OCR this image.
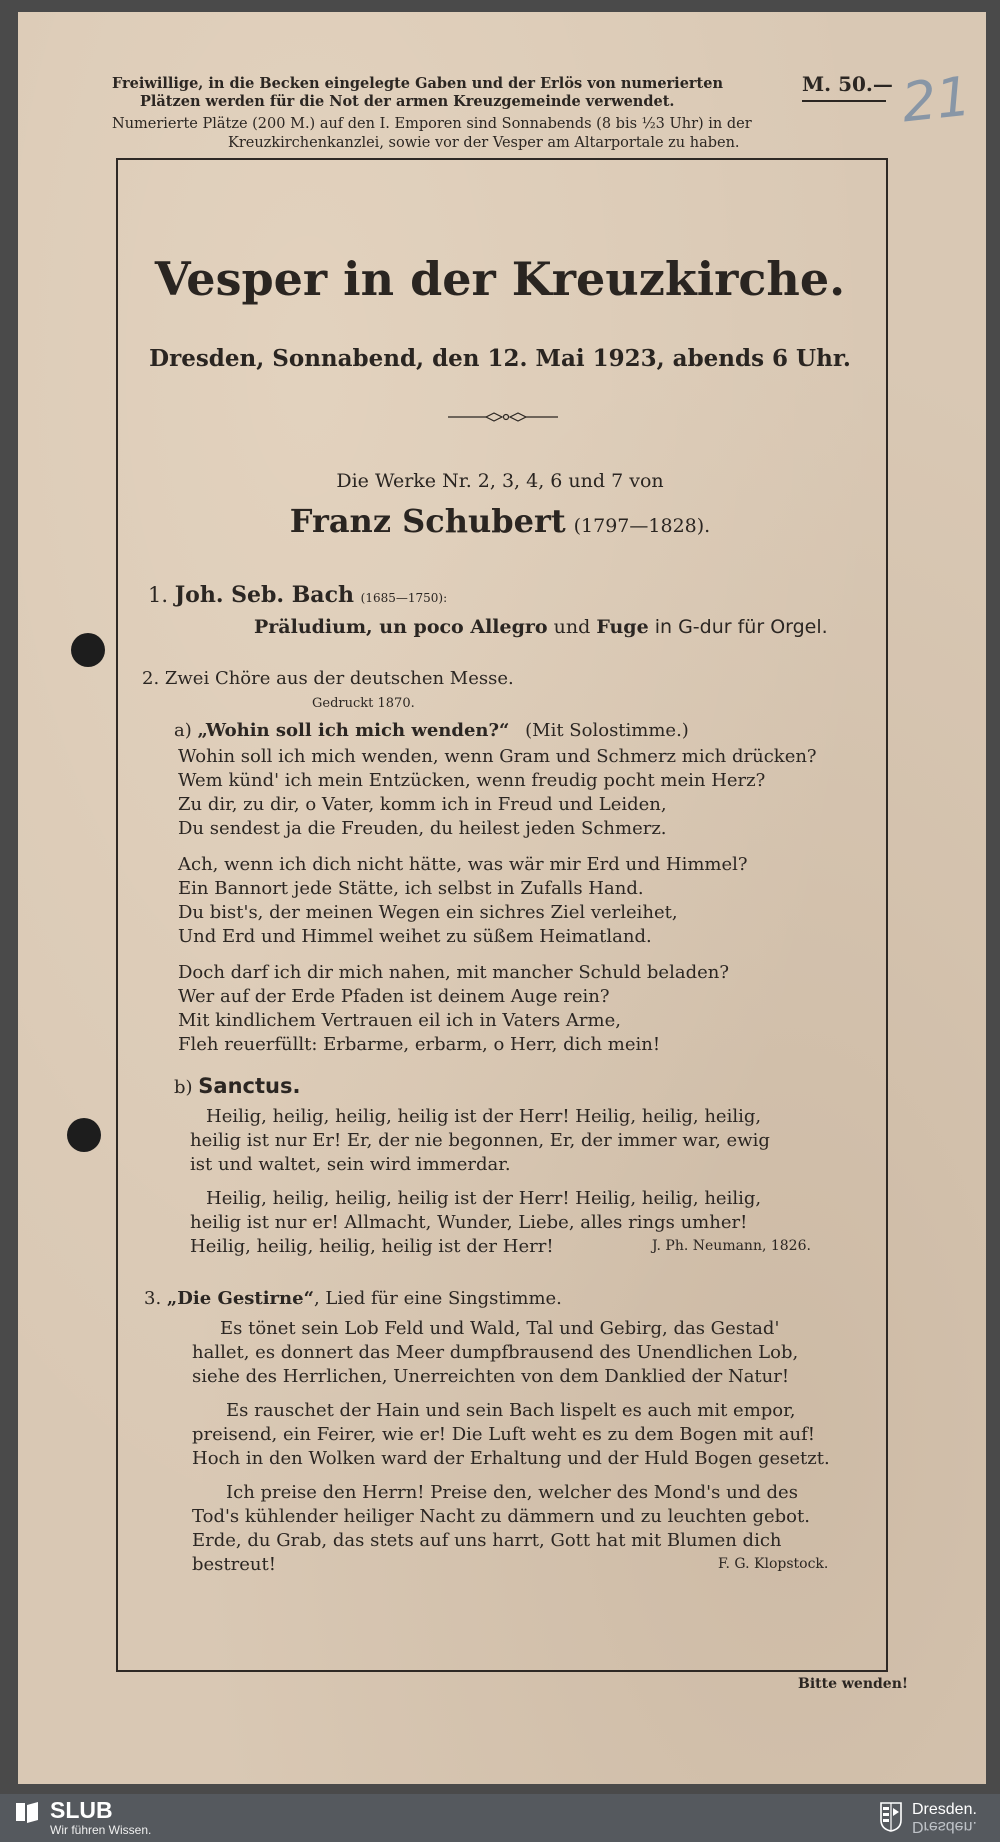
Freiwillige, in die Becken eingelegte Gaben und der Erlös von numerierten
Plätzen werden für die Not der armen Kreuzgemeinde verwendet.
Numerierte Plätze (200 M.) auf den I. Emporen sind Sonnabends (8 bis ½3 Uhr) in der
Kreuzkirchenkanzlei, sowie vor der Vesper am Altarportale zu haben.
M. 50.— 21
Vesper in der Kreuzkirche.
Dresden, Sonnabend, den 12. Mai 1923, abends 6 Uhr.
Die Werke Nr. 2, 3, 4, 6 und 7 von
Franz Schubert (1797—1828).
1. Joh. Seb. Bach (1685—1750):
Präludium, un poco Allegro und Fuge in G-dur für Orgel.
2. Zwei Chöre aus der deutschen Messe.
Gedruckt 1870.
a) „Wohin soll ich mich wenden?“ (Mit Solostimme.)
Wohin soll ich mich wenden, wenn Gram und Schmerz mich drücken?
Wem künd' ich mein Entzücken, wenn freudig pocht mein Herz?
Zu dir, zu dir, o Vater, komm ich in Freud und Leiden,
Du sendest ja die Freuden, du heilest jeden Schmerz.
Ach, wenn ich dich nicht hätte, was wär mir Erd und Himmel?
Ein Bannort jede Stätte, ich selbst in Zufalls Hand.
Du bist's, der meinen Wegen ein sichres Ziel verleihet,
Und Erd und Himmel weihet zu süßem Heimatland.
Doch darf ich dir mich nahen, mit mancher Schuld beladen?
Wer auf der Erde Pfaden ist deinem Auge rein?
Mit kindlichem Vertrauen eil ich in Vaters Arme,
Fleh reuerfüllt: Erbarme, erbarm, o Herr, dich mein!
b) Sanctus.
Heilig, heilig, heilig, heilig ist der Herr! Heilig, heilig, heilig,
heilig ist nur Er! Er, der nie begonnen, Er, der immer war, ewig
ist und waltet, sein wird immerdar.
Heilig, heilig, heilig, heilig ist der Herr! Heilig, heilig, heilig,
heilig ist nur er! Allmacht, Wunder, Liebe, alles rings umher!
Heilig, heilig, heilig, heilig ist der Herr!	J. Ph. Neumann, 1826.
3. „Die Gestirne“, Lied für eine Singstimme.
Es tönet sein Lob Feld und Wald, Tal und Gebirg, das Gestad'
hallet, es donnert das Meer dumpfbrausend des Unendlichen Lob,
siehe des Herrlichen, Unerreichten von dem Danklied der Natur!
Es rauschet der Hain und sein Bach lispelt es auch mit empor,
preisend, ein Feirer, wie er! Die Luft weht es zu dem Bogen mit auf!
Hoch in den Wolken ward der Erhaltung und der Huld Bogen gesetzt.
Ich preise den Herrn! Preise den, welcher des Mond's und des
Tod's kühlender heiliger Nacht zu dämmern und zu leuchten gebot.
Erde, du Grab, das stets auf uns harrt, Gott hat mit Blumen dich
bestreut!	F. G. Klopstock.
Bitte wenden!
SLUB
Wir führen Wissen.
Dresden.
Dresden.
